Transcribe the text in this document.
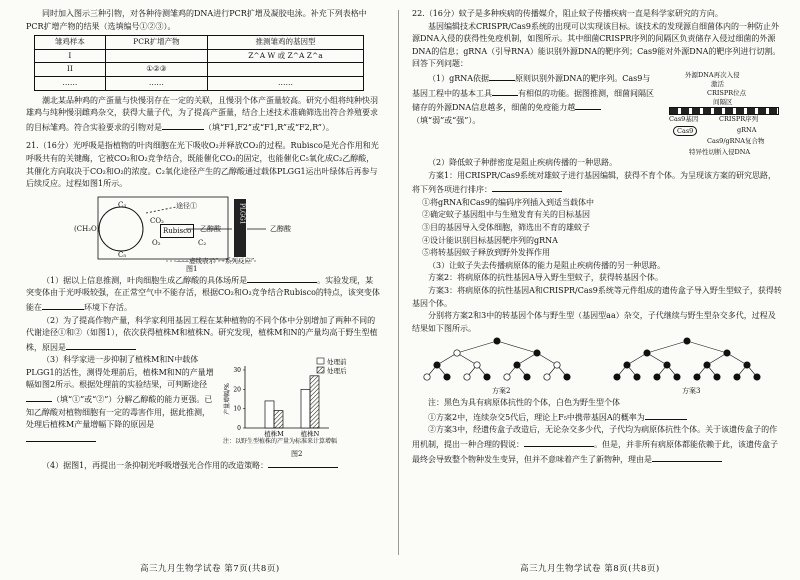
同时加入图示三种引物，对各种待测雏鸡的DNA进行PCR扩增及凝胶电泳。补充下列表格中PCR扩增产物的结果（选填编号①②③）。

雏鸡样本	PCR扩增产物	推测雏鸡的基因型
I		Z^A W 或 Z^A Z^a
II	①②③	
……	……	……

潮北某品种鸡的产蛋量与快慢羽存在一定的关联，且慢羽个体产蛋量较高。研究小组将纯种快羽雄鸡与纯种慢羽雌鸡杂交，获得大量子代，为了提高产蛋量，结合上述技术准确筛选出符合养殖要求的目标雏鸡。符合实验要求的引物对是	（填“F1,F2”或“F1,R”或“F2,R”）。

21.（16分）光呼吸是指植物的叶肉细胞在光下吸收O₂并释放CO₂的过程。Rubisco是光合作用和光呼吸共有的关键酶，它被CO₂和O₂竞争结合，既能催化CO₂的固定，也能催化C₅氧化成C₂乙醇酸，其催化方向取决于CO₂和O₂的浓度。C₂氧化途径产生的乙醇酸通过载体PLGG1运出叶绿体后再参与后续反应。过程如图1所示。

C₃
(CH₂O)
C₅
CO₂
Rubisco
O₂	C₂
途径①
乙醇酸
PLGG1
乙醇酸
——虚线表示“一系列反应”
图1

（1）据以上信息推测，叶肉细胞生成乙醇酸的具体场所是	。实验发现，某突变体由于光呼吸较强，在正常空气中不能存活，根据CO₂和O₂竞争结合Rubisco的特点，该突变体能在	环境下存活。

（2）为了提高作物产量，科学家利用基因工程在某种植物的不同个体中分别增加了两种不同的代谢途径①和②（如图1），依次获得植株M和植株N。研究发现，植株M和N的产量均高于野生型植株，原因是

（3）科学家进一步抑制了植株M和N中载体PLGG1的活性，测得处理前后，植株M和N的产量增幅如图2所示。根据处理前的实验结果，可判断途径（填“①”或“②”）分解乙醇酸的能力更强。已知乙醇酸对植物细胞有一定的毒害作用，据此推测，处理后植株M产量增幅下降的原因是	0
10
20
30
产量增幅/%
植株M	植株N
处理前
处理后
注：以野生型植株的产量为标准来计算增幅
图2

（4）据图1，再提出一条抑制光呼吸增强光合作用的改造策略：

22.（16分）蚊子是多种疾病的传播媒介，阻止蚊子传播疾病一直是科学家研究的方向。

基因编辑技术CRISPR/Cas9系统的出现可以实现该目标。该技术的发现源自细菌体内的一种防止外源DNA入侵的获得性免疫机制，如图所示。其中细菌CRISPR序列的间隔区负责储存入侵过细菌的外源DNA的信息；gRNA（引导RNA）能识别外源DNA的靶序列；Cas9能对外源DNA的靶序列进行切割。回答下列问题：

（1）gRNA依据	原则识别外源DNA的靶序列。Cas9与基因工程中的基本工具	有相似的功能。据图推测，细菌间隔区储存的外源DNA信息越多，细菌的免疫能力越（填“弱”或“强”）。

外源DNA再次入侵
激活
CRISPR位点
间隔区
Cas9基因	CRISPR序列
Cas9	gRNA
Cas9/gRNA复合物
特异性切断入侵DNA

（2）降低蚊子种群密度是阻止疾病传播的一种思路。

方案1：用CRISPR/Cas9系统对雄蚊子进行基因编辑，获得不育个体。为呈现该方案的研究思路，将下列各项进行排序：

①将gRNA和Cas9的编码序列插入到适当载体中

②确定蚊子基因组中与生殖发育有关的目标基因

③目的基因导入受体细胞，筛选出不育的雄蚊子

④设计能识别目标基因靶序列的gRNA

⑤将转基因蚊子释放到野外发挥作用

（3）让蚊子失去传播病原体的能力是阻止疾病传播的另一种思路。

方案2：将病原体的抗性基因A导入野生型蚊子，获得转基因个体。

方案3：将病原体的抗性基因A和CRISPR/Cas9系统等元件组成的遗传盒子导入野生型蚊子，获得转基因个体。

分别将方案2和3中的转基因个体与野生型（基因型aa）杂交，子代继续与野生型杂交多代，过程及结果如下图所示。

方案2	方案3

注：黑色为具有病原体抗性的个体，白色为野生型个体

①方案2中，连续杂交5代后，理论上F₅中携带基因A的概率为

②方案3中，经遗传盒子改造后，无论杂交多少代，子代均为病原体抗性个体。关于该遗传盒子的作用机制，提出一种合理的假说：	。但是，并非所有病原体都能依赖于此，该遗传盒子最终会导致整个物种发生变异，但并不意味着产生了新物种，理由是

高三九月生物学试卷 第7页(共8页)	高三九月生物学试卷 第8页(共8页)
